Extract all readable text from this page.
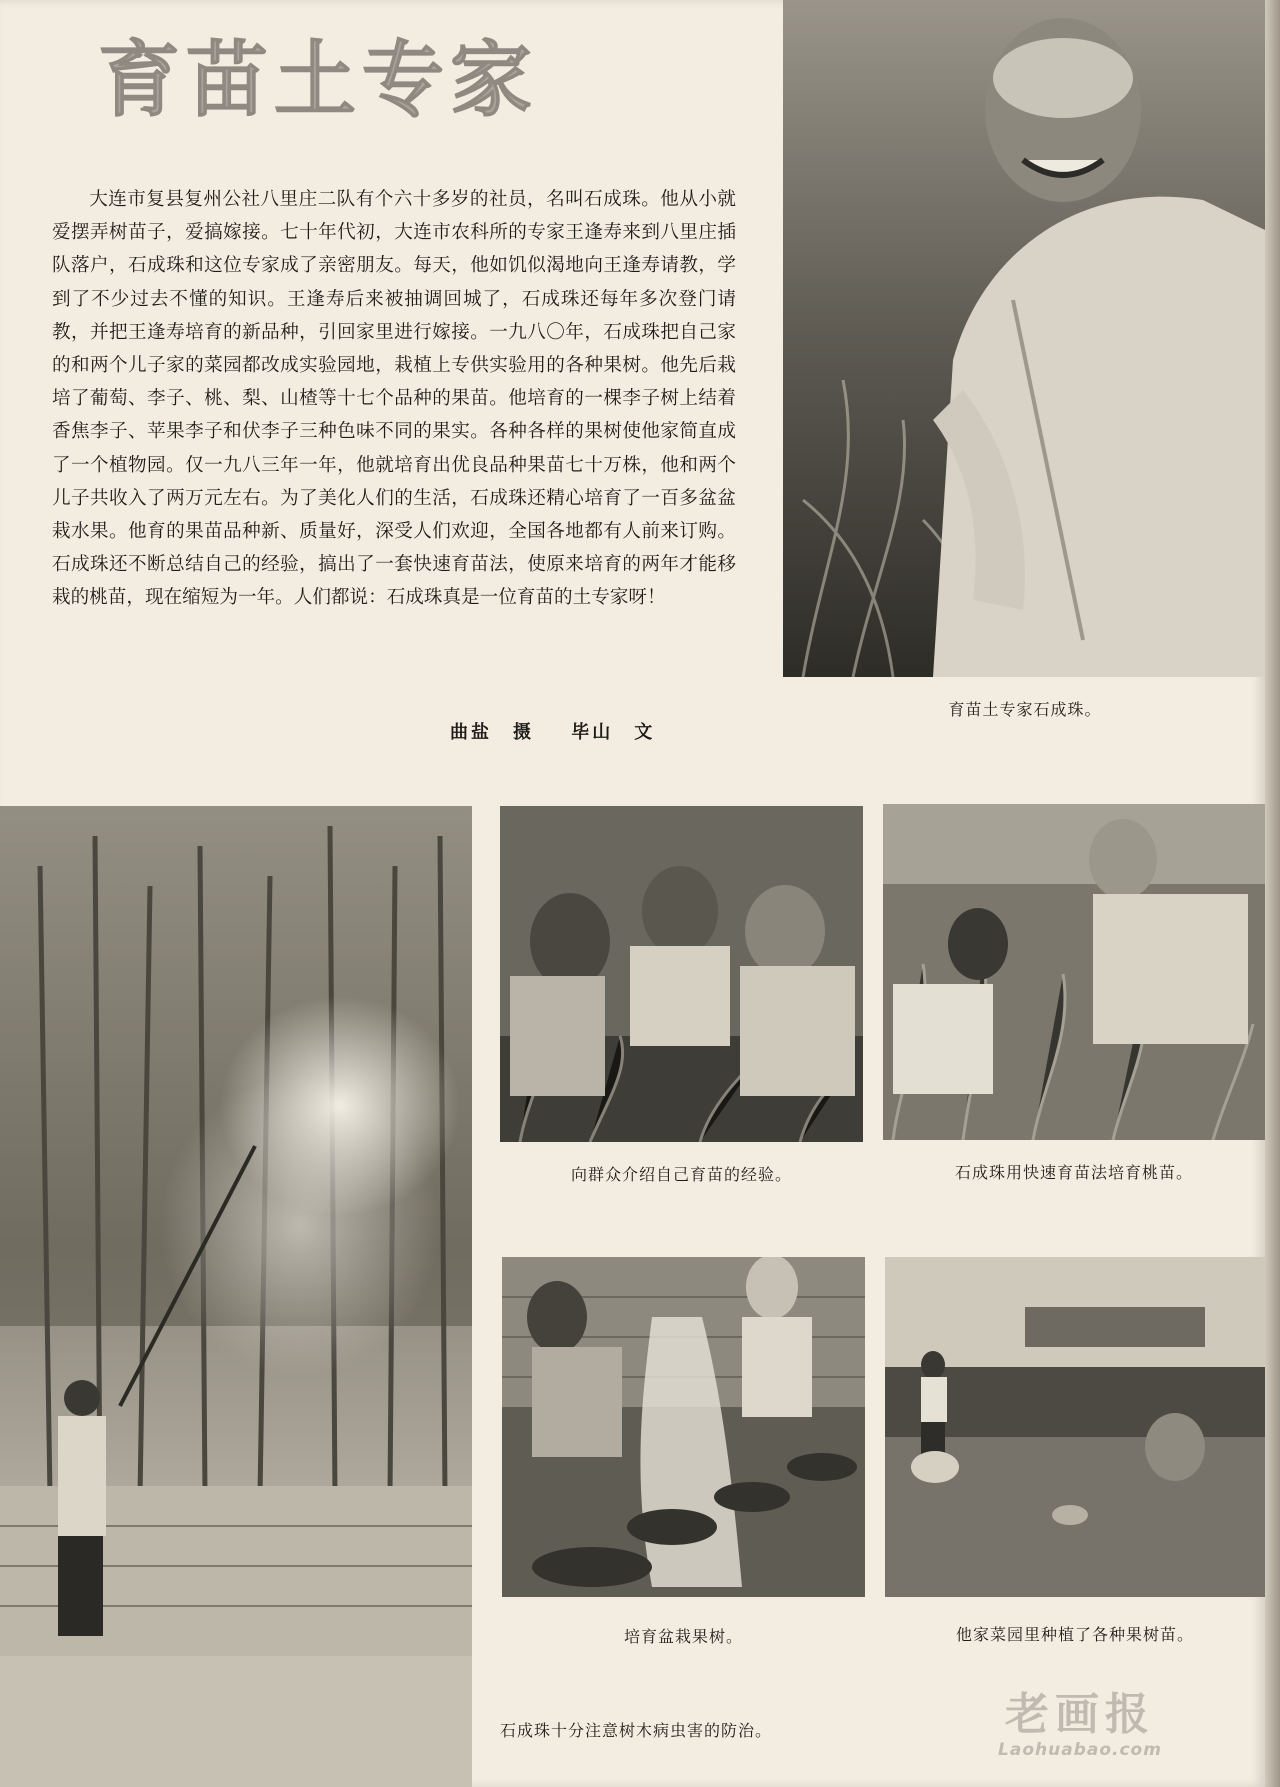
育苗土专家

大连市复县复州公社八里庄二队有个六十多岁的社员，名叫石成珠。他从小就爱摆弄树苗子，爱搞嫁接。七十年代初，大连市农科所的专家王逢寿来到八里庄插队落户，石成珠和这位专家成了亲密朋友。每天，他如饥似渴地向王逢寿请教，学到了不少过去不懂的知识。王逢寿后来被抽调回城了，石成珠还每年多次登门请教，并把王逢寿培育的新品种，引回家里进行嫁接。一九八〇年，石成珠把自己家的和两个儿子家的菜园都改成实验园地，栽植上专供实验用的各种果树。他先后栽培了葡萄、李子、桃、梨、山楂等十七个品种的果苗。他培育的一棵李子树上结着香焦李子、苹果李子和伏李子三种色味不同的果实。各种各样的果树使他家简直成了一个植物园。仅一九八三年一年，他就培育出优良品种果苗七十万株，他和两个儿子共收入了两万元左右。为了美化人们的生活，石成珠还精心培育了一百多盆盆栽水果。他育的果苗品种新、质量好，深受人们欢迎，全国各地都有人前来订购。石成珠还不断总结自己的经验，搞出了一套快速育苗法，使原来培育的两年才能移栽的桃苗，现在缩短为一年。人们都说：石成珠真是一位育苗的土专家呀！

曲盐　摄 毕山　文
育苗土专家石成珠。
石成珠十分注意树木病虫害的防治。
向群众介绍自己育苗的经验。	石成珠用快速育苗法培育桃苗。
培育盆栽果树。	他家菜园里种植了各种果树苗。
老画报
Laohuabao.com
